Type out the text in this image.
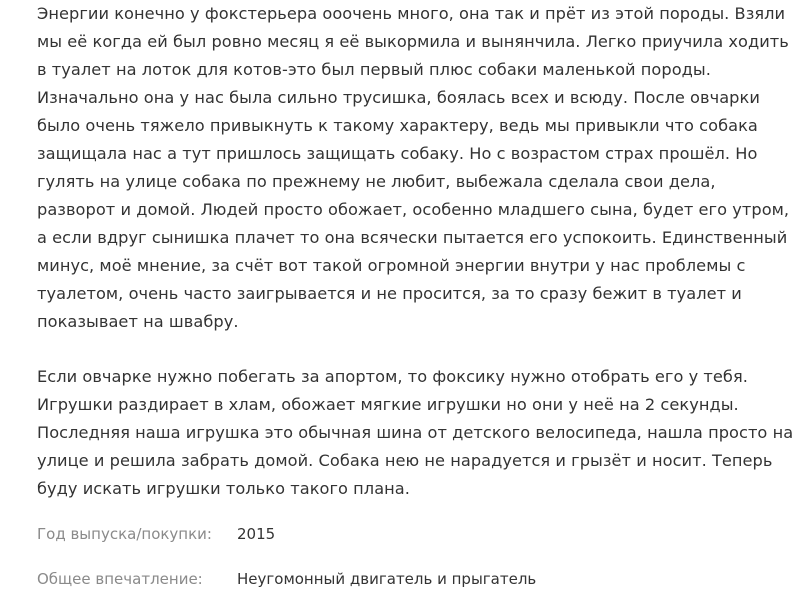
Энергии конечно у фокстерьера ооочень много, она так и прёт из этой породы. Взяли
мы её когда ей был ровно месяц я её выкормила и вынянчила. Легко приучила ходить
в туалет на лоток для котов-это был первый плюс собаки маленькой породы.
Изначально она у нас была сильно трусишка, боялась всех и всюду. После овчарки
было очень тяжело привыкнуть к такому характеру, ведь мы привыкли что собака
защищала нас а тут пришлось защищать собаку. Но с возрастом страх прошёл. Но
гулять на улице собака по прежнему не любит, выбежала сделала свои дела,
разворот и домой. Людей просто обожает, особенно младшего сына, будет его утром,
а если вдруг сынишка плачет то она всячески пытается его успокоить. Единственный
минус, моё мнение, за счёт вот такой огромной энергии внутри у нас проблемы с
туалетом, очень часто заигрывается и не просится, за то сразу бежит в туалет и
показывает на швабру.

Если овчарке нужно побегать за апортом, то фоксику нужно отобрать его у тебя.
Игрушки раздирает в хлам, обожает мягкие игрушки но они у неё на 2 секунды.
Последняя наша игрушка это обычная шина от детского велосипеда, нашла просто на
улице и решила забрать домой. Собака нею не нарадуется и грызёт и носит. Теперь
буду искать игрушки только такого плана.

Год выпуска/покупки: 2015
Общее впечатление: Неугомонный двигатель и прыгатель
